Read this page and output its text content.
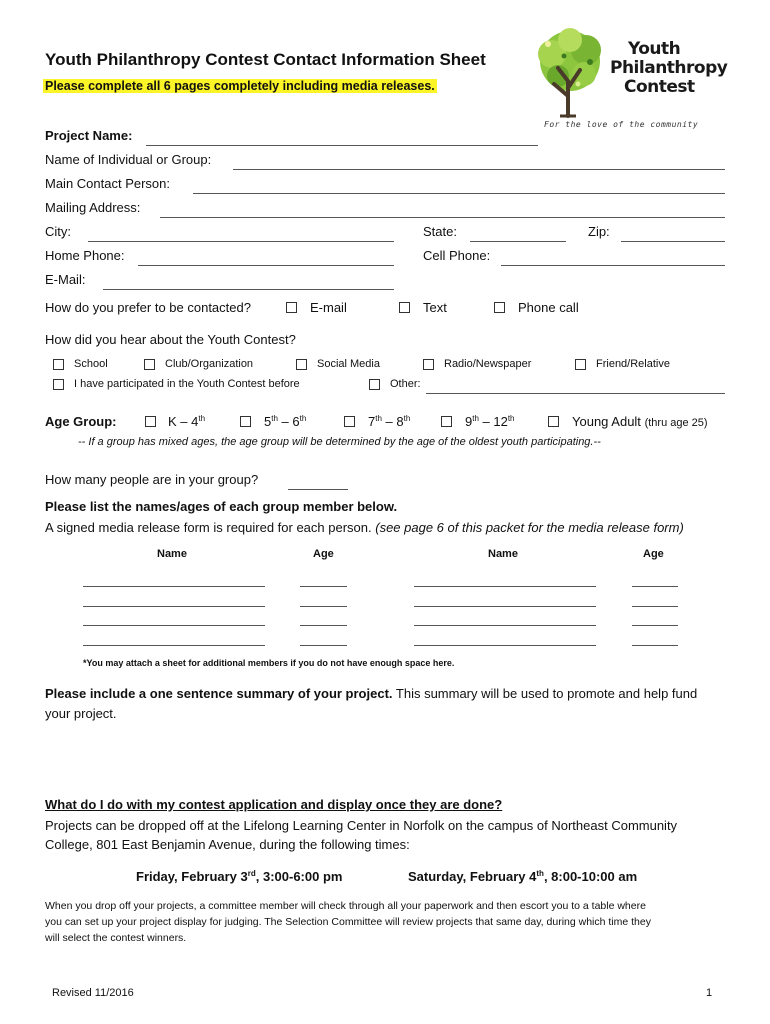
Youth Philanthropy Contest Contact Information Sheet
Please complete all 6 pages completely including media releases.
Youth
Philanthropy
Contest
For the love of the community
Project Name:
Name of Individual or Group:
Main Contact Person:
Mailing Address:
City:	State:	Zip:
Home Phone:	Cell Phone:
E-Mail:
How do you prefer to be contacted?	E-mail	Text	Phone call
How did you hear about the Youth Contest?
School	Club/Organization	Social Media	Radio/Newspaper	Friend/Relative
I have participated in the Youth Contest before	Other:
Age Group:	K – 4th	5th – 6th	7th – 8th	9th – 12th	Young Adult (thru age 25)
-- If a group has mixed ages, the age group will be determined by the age of the oldest youth participating.--
How many people are in your group?
Please list the names/ages of each group member below.
A signed media release form is required for each person. (see page 6 of this packet for the media release form)
Name	Age	Name	Age
*You may attach a sheet for additional members if you do not have enough space here.
Please include a one sentence summary of your project. This summary will be used to promote and help fund
your project.
What do I do with my contest application and display once they are done?
Projects can be dropped off at the Lifelong Learning Center in Norfolk on the campus of Northeast Community
College, 801 East Benjamin Avenue, during the following times:
Friday, February 3rd, 3:00-6:00 pm	Saturday, February 4th, 8:00-10:00 am
When you drop off your projects, a committee member will check through all your paperwork and then escort you to a table where
you can set up your project display for judging. The Selection Committee will review projects that same day, during which time they
will select the contest winners.
Revised 11/2016	1
